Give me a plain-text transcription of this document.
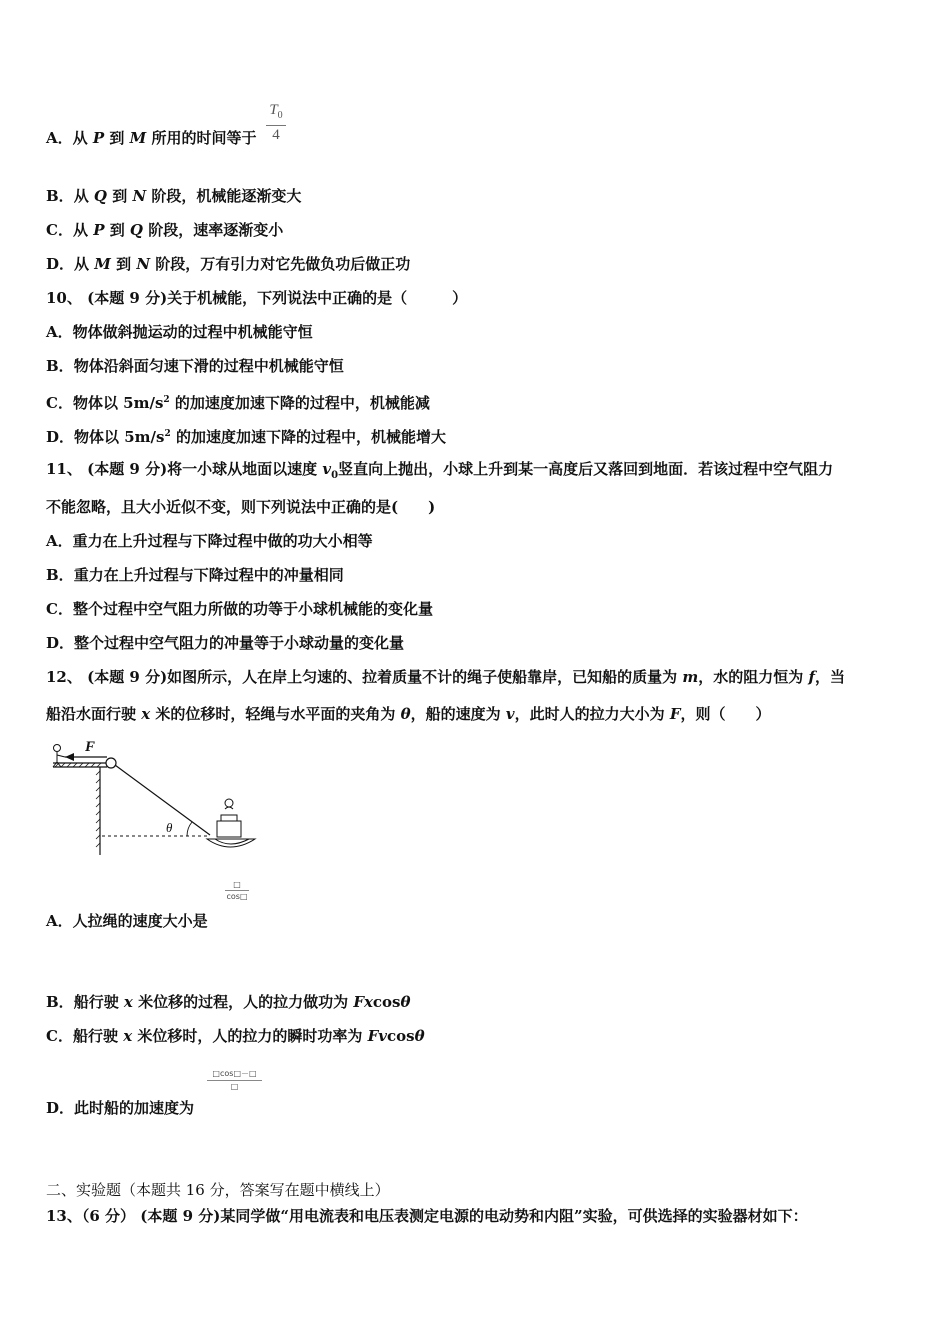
A．从 P 到 M 所用的时间等于
$T_0$
4
B．从 Q 到 N 阶段，机械能逐渐变大
C．从 P 到 Q 阶段，速率逐渐变小
D．从 M 到 N 阶段，万有引力对它先做负功后做正功
10、 (本题 9 分)关于机械能，下列说法中正确的是（　　　）
A．物体做斜抛运动的过程中机械能守恒
B．物体沿斜面匀速下滑的过程中机械能守恒
C．物体以 $5m/s^2$ 的加速度加速下降的过程中，机械能减
D．物体以 $5m/s^2$ 的加速度加速下降的过程中，机械能增大
11、 (本题 9 分)将一小球从地面以速度 $v_0$竖直向上抛出，小球上升到某一高度后又落回到地面．若该过程中空气阻力
不能忽略，且大小近似不变，则下列说法中正确的是(　　)
A．重力在上升过程与下降过程中做的功大小相等
B．重力在上升过程与下降过程中的冲量相同
C．整个过程中空气阻力所做的功等于小球机械能的变化量
D．整个过程中空气阻力的冲量等于小球动量的变化量
12、 (本题 9 分)如图所示，人在岸上匀速的、拉着质量不计的绳子使船靠岸，已知船的质量为 m，水的阻力恒为 f，当
船沿水面行驶 x 米的位移时，轻绳与水平面的夹角为 θ，船的速度为 v，此时人的拉力大小为 F，则（　　）
F
θ
□
cos□
A．人拉绳的速度大小是
B．船行驶 x 米位移的过程，人的拉力做功为 Fxcosθ
C．船行驶 x 米位移时，人的拉力的瞬时功率为 Fvcosθ
□cos□－□
□
D．此时船的加速度为
二、实验题（本题共 16 分，答案写在题中横线上）
13、（6 分） (本题 9 分)某同学做“用电流表和电压表测定电源的电动势和内阻”实验，可供选择的实验器材如下：
